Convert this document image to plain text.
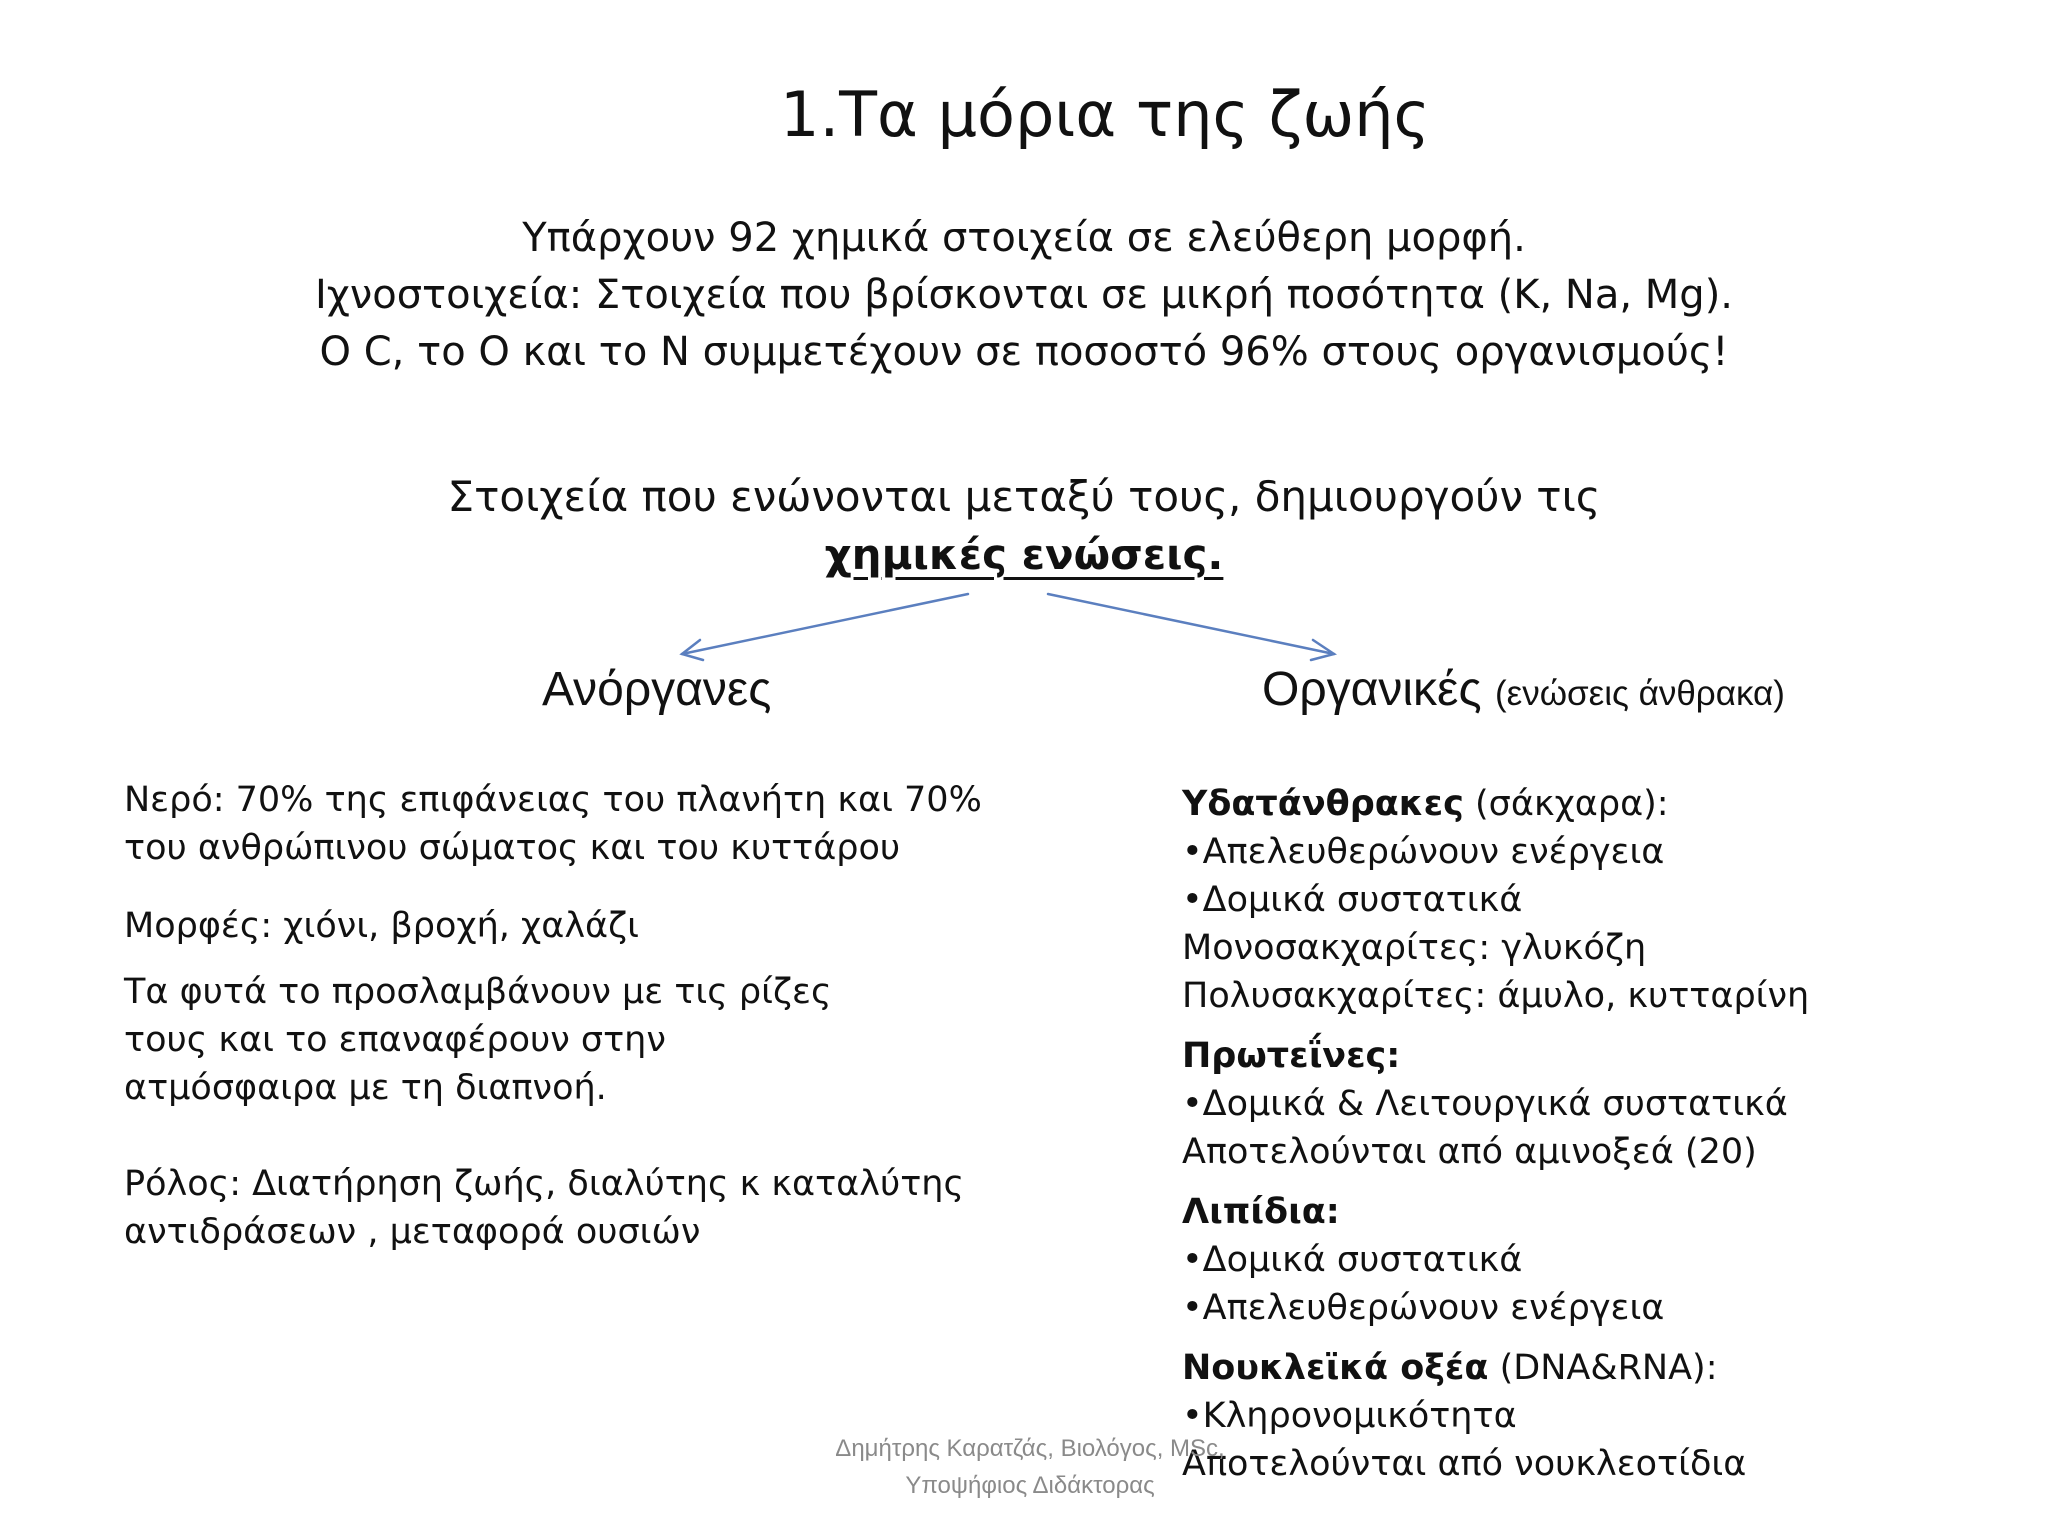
1.Τα μόρια της ζωής
Υπάρχουν 92 χημικά στοιχεία σε ελεύθερη μορφή.
Ιχνοστοιχεία: Στοιχεία που βρίσκονται σε μικρή ποσότητα (K, Na, Mg).
O C, το O και το N συμμετέχουν σε ποσοστό 96% στους οργανισμούς!
Στοιχεία που ενώνονται μεταξύ τους, δημιουργούν τις
χημικές ενώσεις.
Ανόργανες	Οργανικές (ενώσεις άνθρακα)

Νερό: 70% της επιφάνειας του πλανήτη και 70%

του ανθρώπινου σώματος και του κυττάρου

Μορφές: χιόνι, βροχή, χαλάζι

Τα φυτά το προσλαμβάνουν με τις ρίζες

τους και το επαναφέρουν στην

ατμόσφαιρα με τη διαπνοή.

Ρόλος: Διατήρηση ζωής, διαλύτης κ καταλύτης

αντιδράσεων , μεταφορά ουσιών

Υδατάνθρακες (σάκχαρα):

•Απελευθερώνουν ενέργεια

•Δομικά συστατικά

Μονοσακχαρίτες: γλυκόζη

Πολυσακχαρίτες: άμυλο, κυτταρίνη

Πρωτεΐνες:

•Δομικά & Λειτουργικά συστατικά

Αποτελούνται από αμινοξεά (20)

Λιπίδια:

•Δομικά συστατικά

•Απελευθερώνουν ενέργεια

Νουκλεϊκά οξέα (DNA&RNA):

•Κληρονομικότητα

Αποτελούνται από νουκλεοτίδια

Δημήτρης Καρατζάς, Βιολόγος, MSc,
Υποψήφιος Διδάκτορας
